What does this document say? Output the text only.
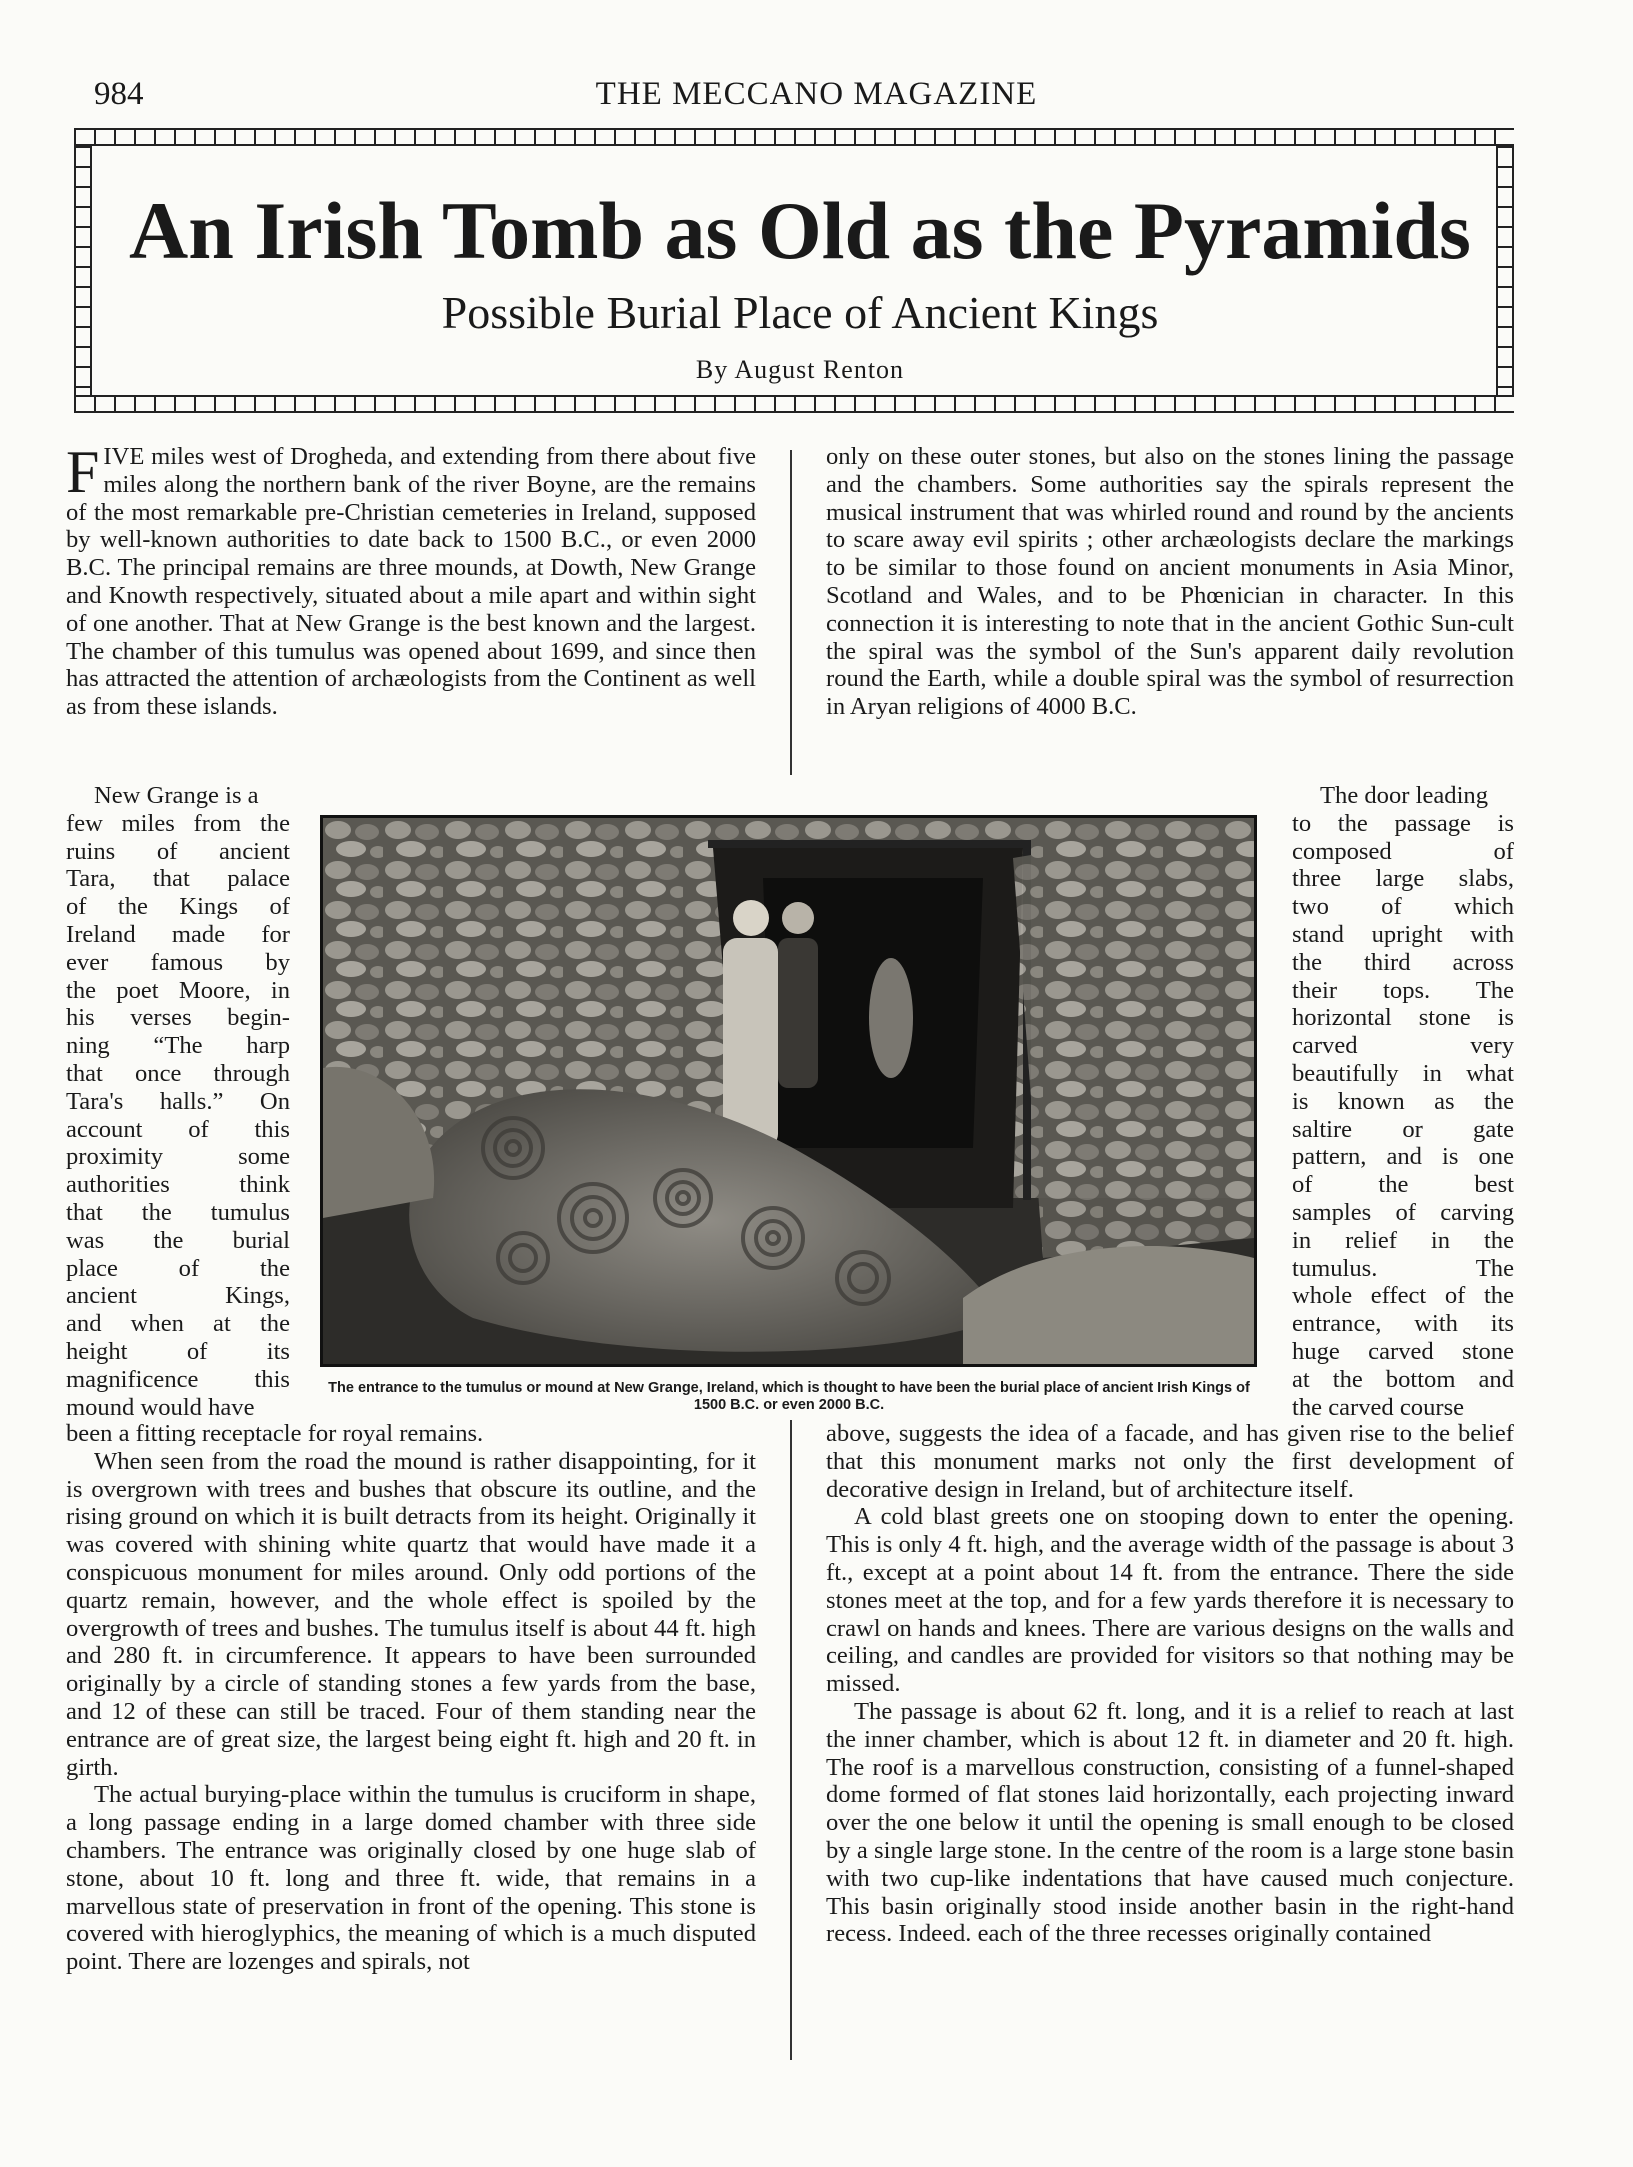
984	THE MECCANO MAGAZINE
An Irish Tomb as Old as the Pyramids
Possible Burial Place of Ancient Kings
By August Renton

FIVE miles west of Drogheda, and extending from there about five miles along the northern bank of the river Boyne, are the remains of the most remarkable pre-Christian cemeteries in Ireland, supposed by well-known authorities to date back to 1500 B.C., or even 2000 B.C. The principal remains are three mounds, at Dowth, New Grange and Knowth respectively, situated about a mile apart and within sight of one another. That at New Grange is the best known and the largest. The chamber of this tumulus was opened about 1699, and since then has attracted the attention of archæologists from the Continent as well as from these islands.

only on these outer stones, but also on the stones lining the passage and the chambers. Some authorities say the spirals represent the musical instrument that was whirled round and round by the ancients to scare away evil spirits ; other archæologists declare the markings to be similar to those found on ancient monuments in Asia Minor, Scotland and Wales, and to be Phœnician in character. In this connection it is interesting to note that in the ancient Gothic Sun-cult the spiral was the symbol of the Sun's apparent daily revolution round the Earth, while a double spiral was the symbol of resurrection in Aryan religions of 4000 B.C.

New Grange is a
few miles from the
ruins of ancient
Tara, that palace
of the Kings of
Ireland made for
ever famous by
the poet Moore, in
his verses begin-
ning “The harp
that once through
Tara's halls.” On
account of this
proximity some
authorities think
that the tumulus
was the burial
place of the
ancient Kings,
and when at the
height of its
magnificence this
mound would have
The door leading
to the passage is
composed of
three large slabs,
two of which
stand upright with
the third across
their tops. The
horizontal stone is
carved very
beautifully in what
is known as the
saltire or gate
pattern, and is one
of the best
samples of carving
in relief in the
tumulus. The
whole effect of the
entrance, with its
huge carved stone
at the bottom and
the carved course
The entrance to the tumulus or mound at New Grange, Ireland, which is thought to have been the burial place of ancient Irish Kings of 1500 B.C. or even 2000 B.C.

been a fitting receptacle for royal remains.

When seen from the road the mound is rather disappointing, for it is overgrown with trees and bushes that obscure its outline, and the rising ground on which it is built detracts from its height. Originally it was covered with shining white quartz that would have made it a conspicuous monument for miles around. Only odd portions of the quartz remain, however, and the whole effect is spoiled by the overgrowth of trees and bushes. The tumulus itself is about 44 ft. high and 280 ft. in circumference. It appears to have been surrounded originally by a circle of standing stones a few yards from the base, and 12 of these can still be traced. Four of them standing near the entrance are of great size, the largest being eight ft. high and 20 ft. in girth.

The actual burying-place within the tumulus is cruciform in shape, a long passage ending in a large domed chamber with three side chambers. The entrance was originally closed by one huge slab of stone, about 10 ft. long and three ft. wide, that remains in a marvellous state of preservation in front of the opening. This stone is covered with hieroglyphics, the meaning of which is a much disputed point. There are lozenges and spirals, not

above, suggests the idea of a facade, and has given rise to the belief that this monument marks not only the first development of decorative design in Ireland, but of architecture itself.

A cold blast greets one on stooping down to enter the opening. This is only 4 ft. high, and the average width of the passage is about 3 ft., except at a point about 14 ft. from the entrance. There the side stones meet at the top, and for a few yards therefore it is necessary to crawl on hands and knees. There are various designs on the walls and ceiling, and candles are provided for visitors so that nothing may be missed.

The passage is about 62 ft. long, and it is a relief to reach at last the inner chamber, which is about 12 ft. in diameter and 20 ft. high. The roof is a marvellous construction, consisting of a funnel-shaped dome formed of flat stones laid horizontally, each projecting inward over the one below it until the opening is small enough to be closed by a single large stone. In the centre of the room is a large stone basin with two cup-like indentations that have caused much conjecture. This basin originally stood inside another basin in the right-hand recess. Indeed. each of the three recesses originally contained
